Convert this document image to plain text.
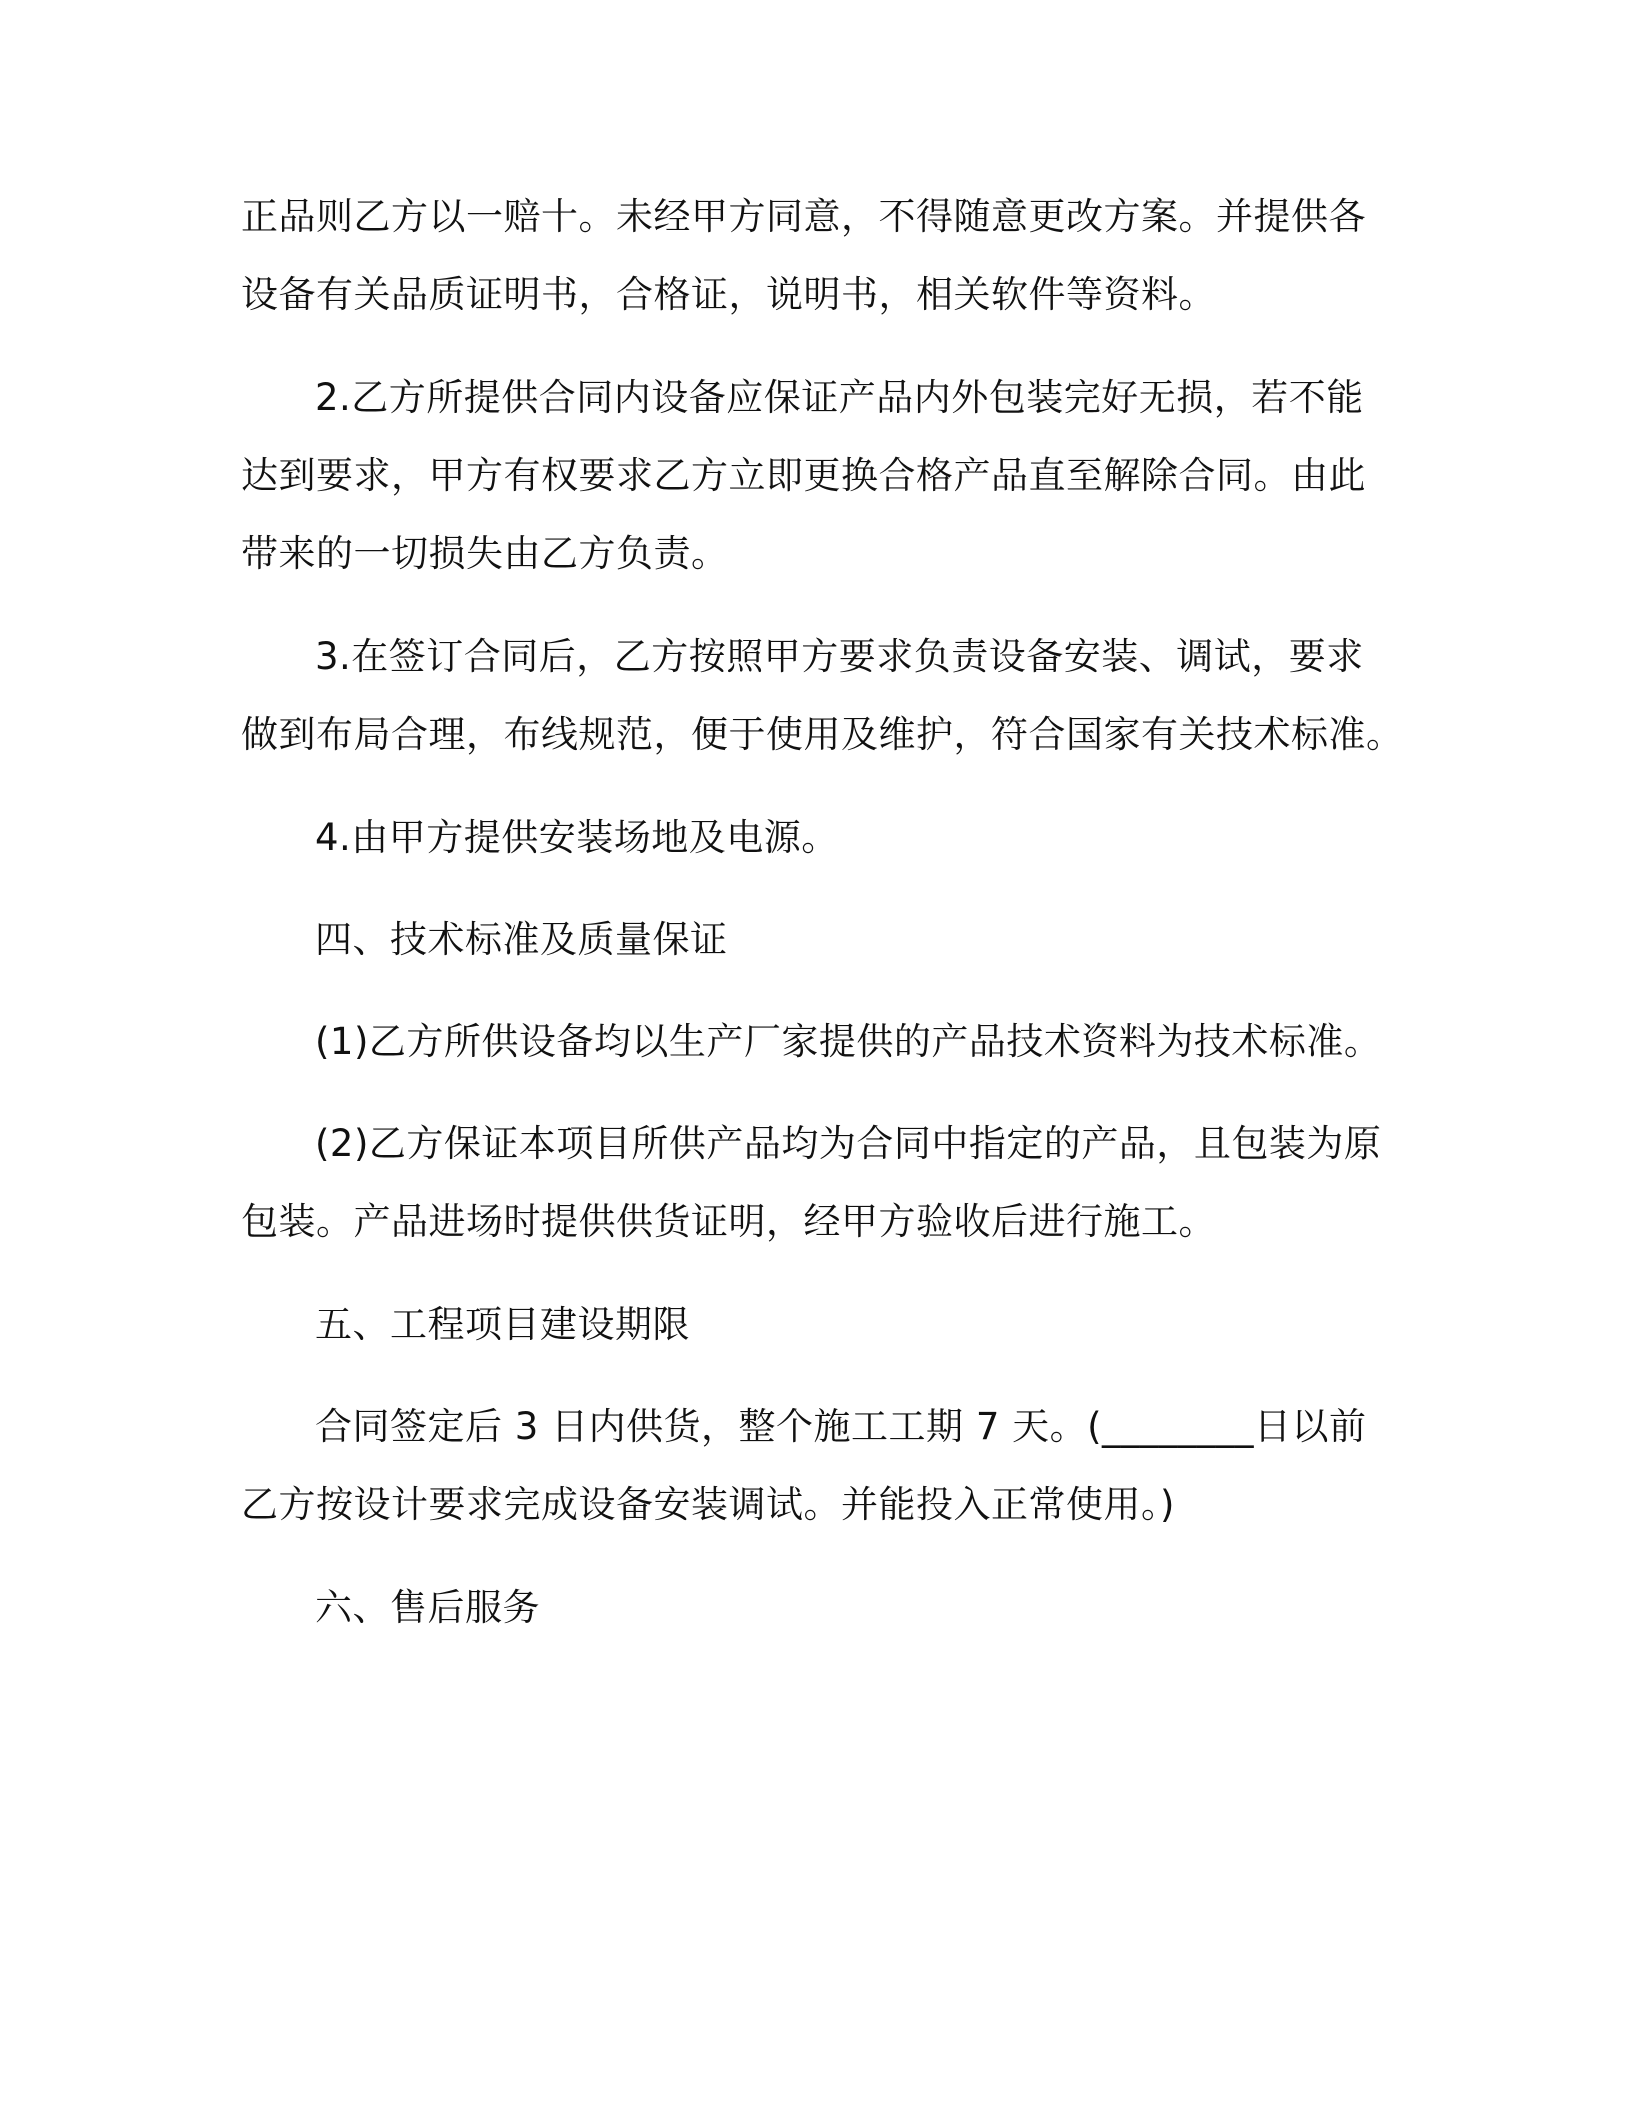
正品则乙方以一赔十。未经甲方同意，不得随意更改方案。并提供各
设备有关品质证明书，合格证，说明书，相关软件等资料。
2.乙方所提供合同内设备应保证产品内外包装完好无损，若不能
达到要求，甲方有权要求乙方立即更换合格产品直至解除合同。由此
带来的一切损失由乙方负责。
3.在签订合同后，乙方按照甲方要求负责设备安装、调试，要求
做到布局合理，布线规范，便于使用及维护，符合国家有关技术标准。
4.由甲方提供安装场地及电源。
四、技术标准及质量保证
(1)乙方所供设备均以生产厂家提供的产品技术资料为技术标准。
(2)乙方保证本项目所供产品均为合同中指定的产品，且包装为原
包装。产品进场时提供供货证明，经甲方验收后进行施工。
五、工程项目建设期限
合同签定后 3 日内供货，整个施工工期 7 天。(________日以前
乙方按设计要求完成设备安装调试。并能投入正常使用。)
六、售后服务
